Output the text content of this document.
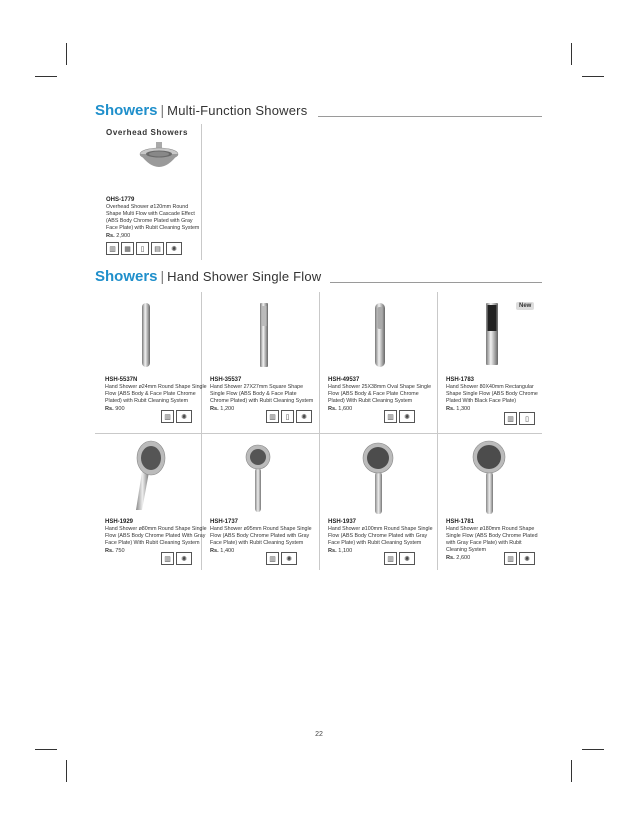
Showers | Multi-Function Showers
Overhead Showers
OHS-1779
Overhead Shower ø120mm Round Shape Multi Flow with Cascade Effect (ABS Body Chrome Plated with Gray Face Plate) with Rubit Cleaning System
Rs. 2,900
▥	▦	▯	▤	✺
Showers | Hand Shower Single Flow
New
HSH-5537N
Hand Shower ø24mm Round Shape Single Flow (ABS Body & Face Plate Chrome Plated) with Rubit Cleaning System
Rs. 900
▥	✺
HSH-35537
Hand Shower 27X27mm Square Shape Single Flow (ABS Body & Face Plate Chrome Plated) with Rubit Cleaning System
Rs. 1,200
▥	▯	✺
HSH-49537
Hand Shower 25X38mm Oval Shape Single Flow (ABS Body & Face Plate Chrome Plated) With Rubit Cleaning System
Rs. 1,600
▥	✺
HSH-1783
Hand Shower 80X40mm Rectangular Shape Single Flow (ABS Body Chrome Plated With Black Face Plate)
Rs. 1,300
▥	▯
HSH-1929
Hand Shower ø80mm Round Shape Single Flow (ABS Body Chrome Plated With Gray Face Plate) With Rubit Cleaning System
Rs. 750
▥	✺
HSH-1737
Hand Shower ø95mm Round Shape Single Flow (ABS Body Chrome Plated with Gray Face Plate) with Rubit Cleaning System
Rs. 1,400
▥	✺
HSH-1937
Hand Shower ø100mm Round Shape Single Flow (ABS Body Chrome Plated with Gray Face Plate) with Rubit Cleaning System
Rs. 1,100
▥	✺
HSH-1781
Hand Shower ø180mm Round Shape Single Flow (ABS Body Chrome Plated with Gray Face Plate) with Rubit Cleaning System
Rs. 2,600	▥	✺
22
